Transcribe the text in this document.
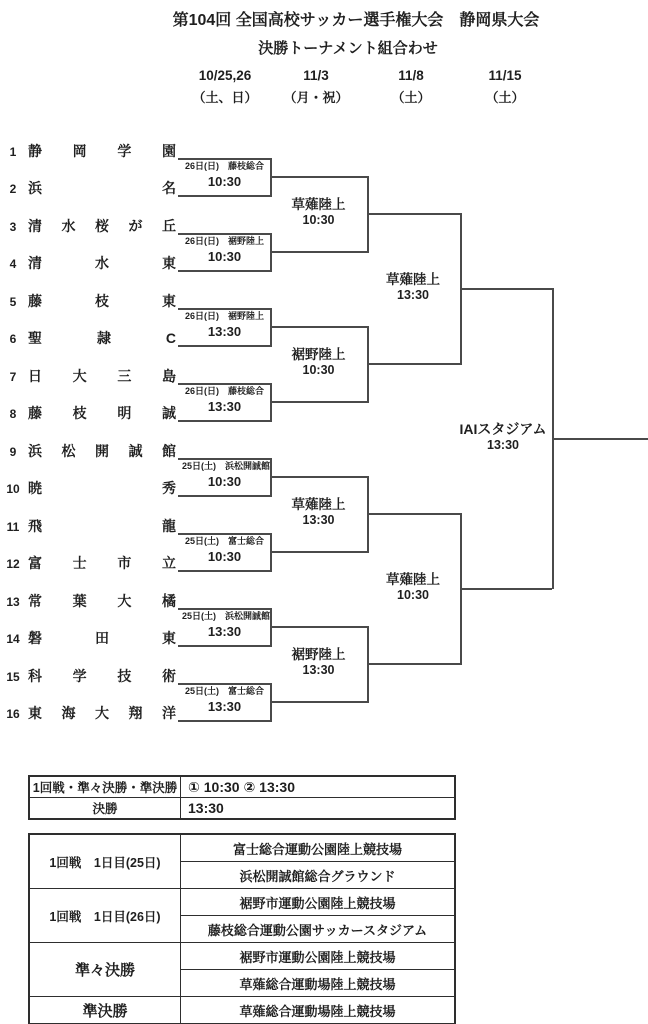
第104回 全国高校サッカー選手権大会　静岡県大会
決勝トーナメント組合わせ
10/25,26
（土、日）
11/3
（月・祝）
11/8
（土）
11/15
（土）
1 静 岡 学 園
2 浜	名
3 清 水 桜 が 丘
4 清	水	東
5 藤	枝	東
6 聖	隷	C
7 日 大 三 島
8 藤 枝 明 誠
9 浜 松 開 誠 館
10 暁	秀
11 飛	龍
12 富 士 市 立
13 常 葉 大 橘
14 磐	田	東
15 科 学 技 術
16 東 海 大 翔 洋
26日(日)　藤枝総合
10:30
26日(日)　裾野陸上
10:30
26日(日)　裾野陸上
13:30
26日(日)　藤枝総合
13:30
25日(土)　浜松開誠館
10:30
25日(土)　富士総合
10:30
25日(土)　浜松開誠館
13:30
25日(土)　富士総合
13:30
草薙陸上
10:30
裾野陸上
10:30
草薙陸上
13:30
裾野陸上
13:30
草薙陸上
13:30
草薙陸上
10:30
IAIスタジアム
13:30
1回戦・準々決勝・準決勝	① 10:30 ② 13:30
決勝	13:30
1回戦　1日目(25日)	富士総合運動公園陸上競技場
	浜松開誠館総合グラウンド
1回戦　1日目(26日)	裾野市運動公園陸上競技場
	藤枝総合運動公園サッカースタジアム
準々決勝	裾野市運動公園陸上競技場
	草薙総合運動場陸上競技場
準決勝	草薙総合運動場陸上競技場
